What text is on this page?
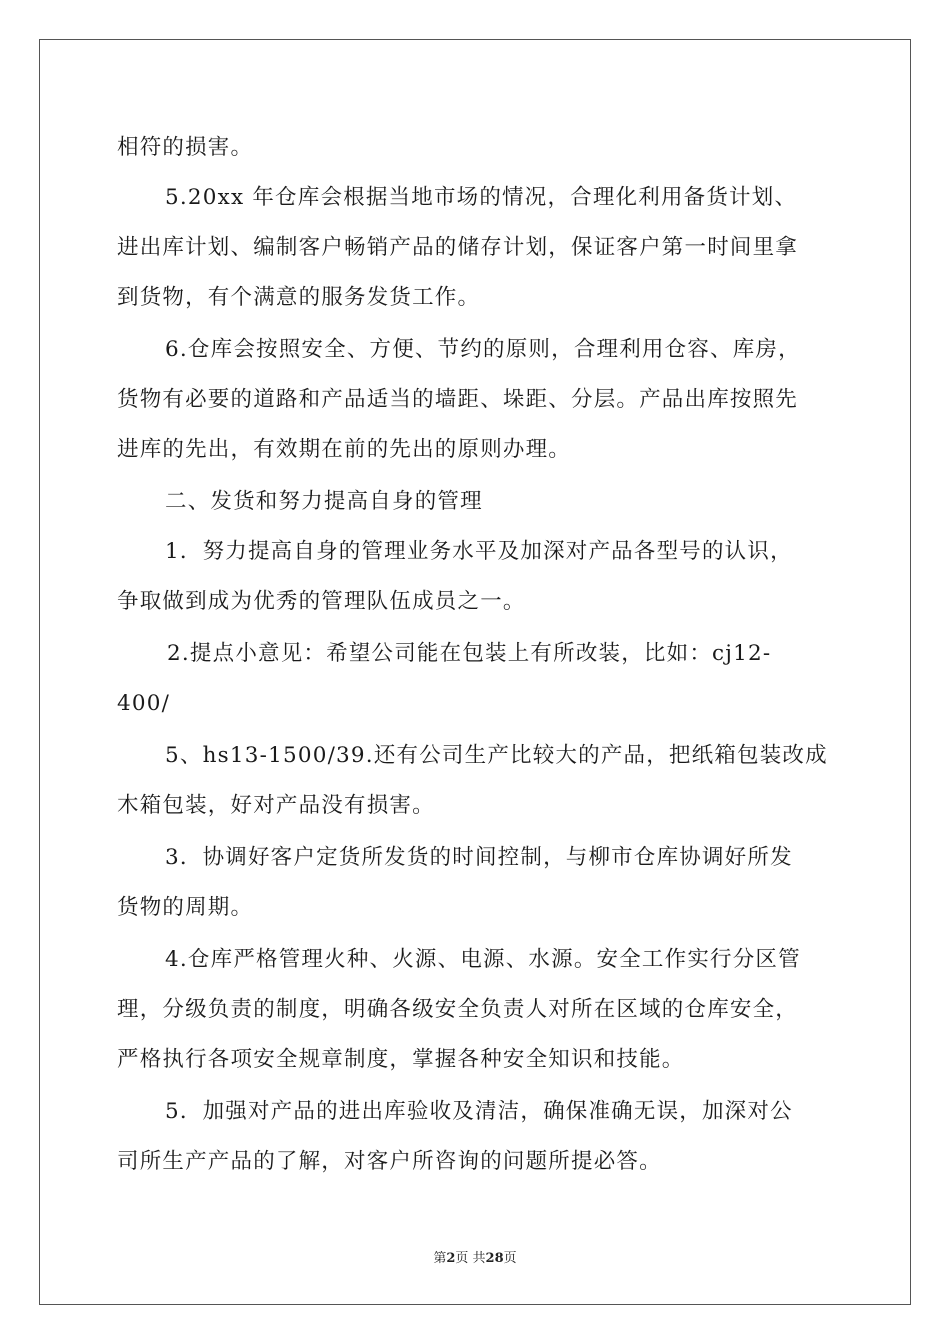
相符的损害。
5.20xx 年仓库会根据当地市场的情况，合理化利用备货计划、
进出库计划、编制客户畅销产品的储存计划，保证客户第一时间里拿
到货物，有个满意的服务发货工作。
6.仓库会按照安全、方便、节约的原则，合理利用仓容、库房，
货物有必要的道路和产品适当的墙距、垛距、分层。产品出库按照先
进库的先出，有效期在前的先出的原则办理。
二、发货和努力提高自身的管理
1．努力提高自身的管理业务水平及加深对产品各型号的认识，
争取做到成为优秀的管理队伍成员之一。
2.提点小意见：希望公司能在包装上有所改装，比如：cj12-
400/
5、hs13-1500/39.还有公司生产比较大的产品，把纸箱包装改成
木箱包装，好对产品没有损害。
3．协调好客户定货所发货的时间控制，与柳市仓库协调好所发
货物的周期。
4.仓库严格管理火种、火源、电源、水源。安全工作实行分区管
理，分级负责的制度，明确各级安全负责人对所在区域的仓库安全，
严格执行各项安全规章制度，掌握各种安全知识和技能。
5．加强对产品的进出库验收及清洁，确保准确无误，加深对公
司所生产产品的了解，对客户所咨询的问题所提必答。
第2页 共28页
